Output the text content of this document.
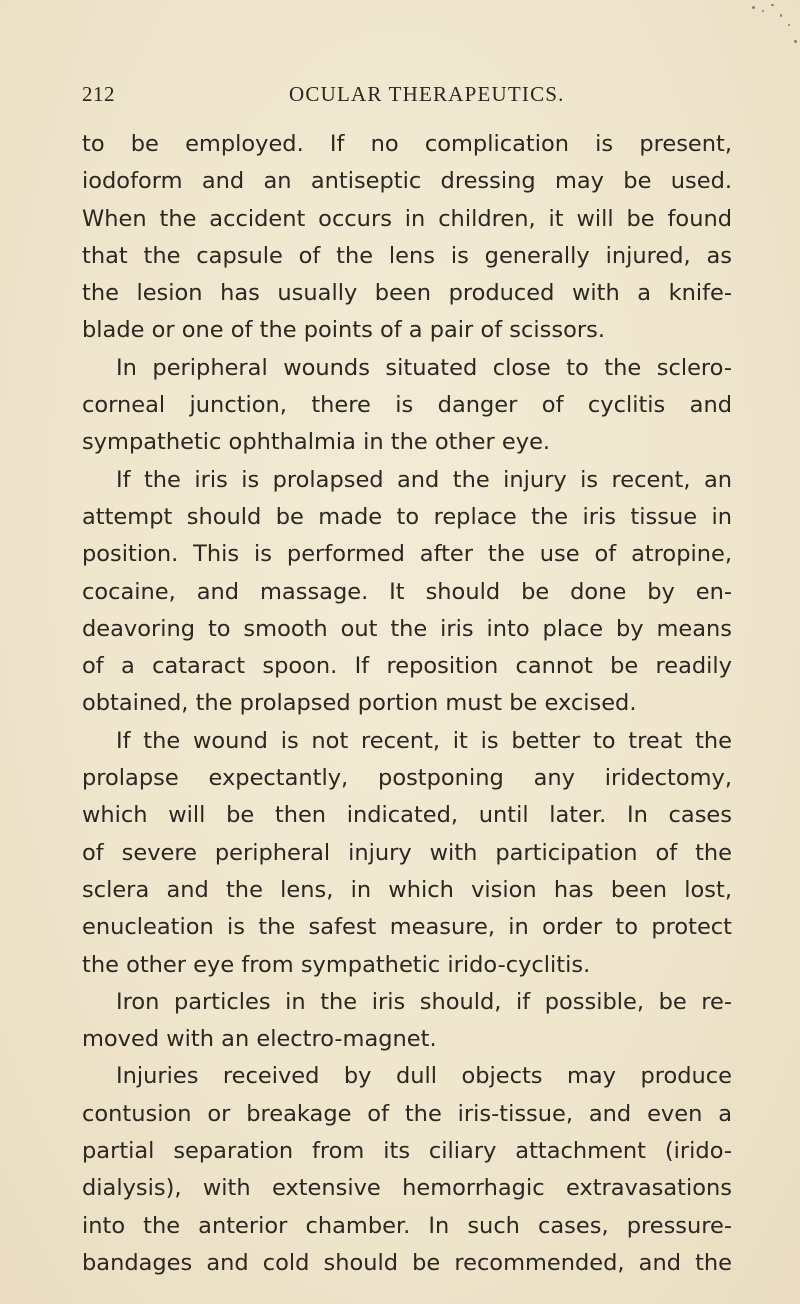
212	OCULAR THERAPEUTICS.
to be employed. If no complication is present,
iodoform and an antiseptic dressing may be used.
When the accident occurs in children, it will be found
that the capsule of the lens is generally injured, as
the lesion has usually been produced with a knife-
blade or one of the points of a pair of scissors.
In peripheral wounds situated close to the sclero-
corneal junction, there is danger of cyclitis and
sympathetic ophthalmia in the other eye.
If the iris is prolapsed and the injury is recent, an
attempt should be made to replace the iris tissue in
position. This is performed after the use of atropine,
cocaine, and massage. It should be done by en-
deavoring to smooth out the iris into place by means
of a cataract spoon. If reposition cannot be readily
obtained, the prolapsed portion must be excised.
If the wound is not recent, it is better to treat the
prolapse expectantly, postponing any iridectomy,
which will be then indicated, until later. In cases
of severe peripheral injury with participation of the
sclera and the lens, in which vision has been lost,
enucleation is the safest measure, in order to protect
the other eye from sympathetic irido-cyclitis.
Iron particles in the iris should, if possible, be re-
moved with an electro-magnet.
Injuries received by dull objects may produce
contusion or breakage of the iris-tissue, and even a
partial separation from its ciliary attachment (irido-
dialysis), with extensive hemorrhagic extravasations
into the anterior chamber. In such cases, pressure-
bandages and cold should be recommended, and the
